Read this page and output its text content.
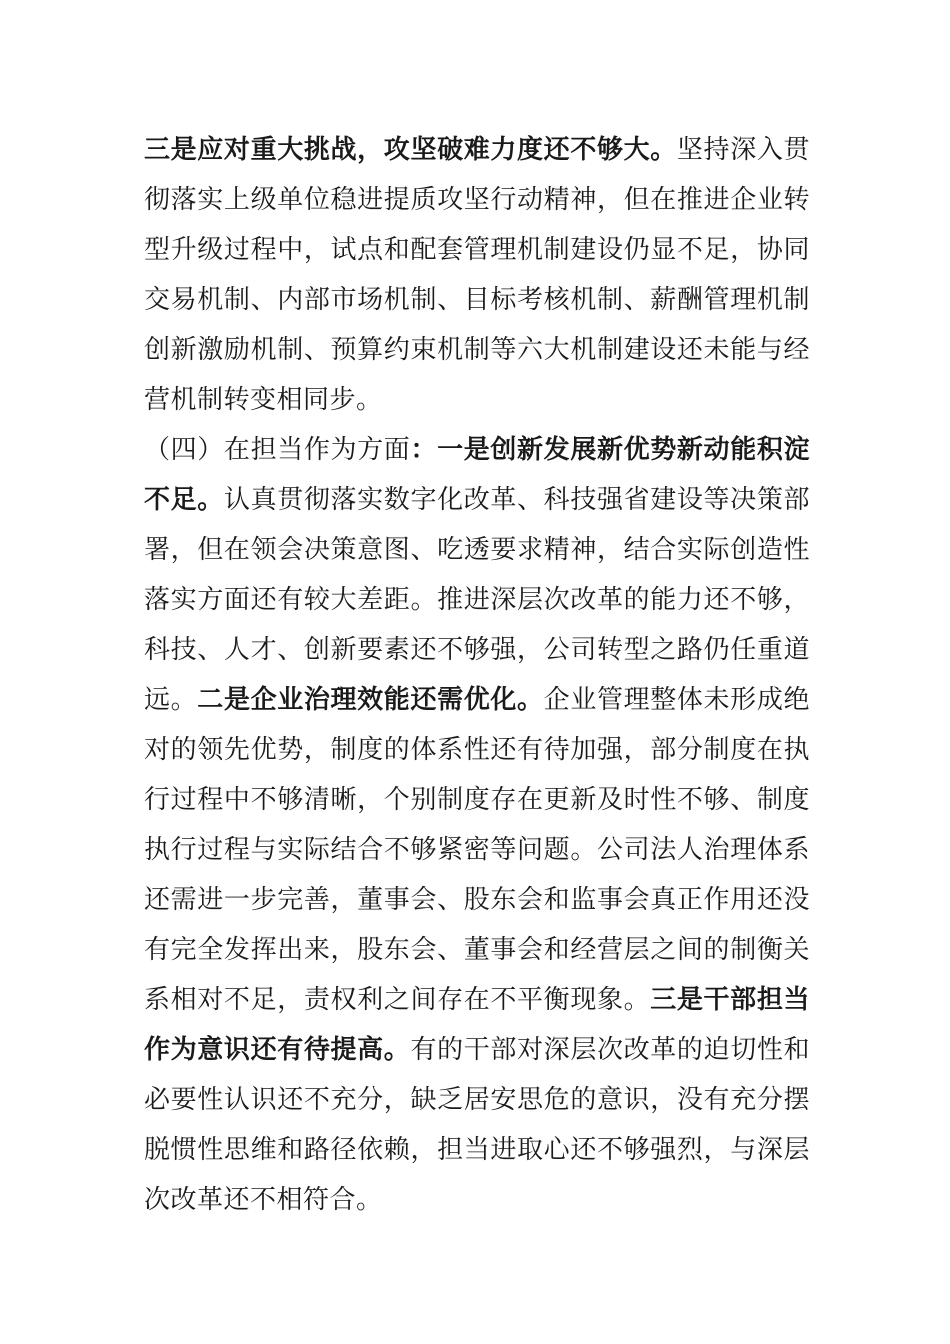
三是应对重大挑战，攻坚破难力度还不够大。坚持深入贯彻落实上级单位稳进提质攻坚行动精神，但在推进企业转型升级过程中，试点和配套管理机制建设仍显不足，协同交易机制、内部市场机制、目标考核机制、薪酬管理机制创新激励机制、预算约束机制等六大机制建设还未能与经营机制转变相同步。
（四）在担当作为方面：一是创新发展新优势新动能积淀不足。认真贯彻落实数字化改革、科技强省建设等决策部署，但在领会决策意图、吃透要求精神，结合实际创造性落实方面还有较大差距。推进深层次改革的能力还不够，科技、人才、创新要素还不够强，公司转型之路仍任重道远。二是企业治理效能还需优化。企业管理整体未形成绝对的领先优势，制度的体系性还有待加强，部分制度在执行过程中不够清晰，个别制度存在更新及时性不够、制度执行过程与实际结合不够紧密等问题。公司法人治理体系还需进一步完善，董事会、股东会和监事会真正作用还没有完全发挥出来，股东会、董事会和经营层之间的制衡关系相对不足，责权利之间存在不平衡现象。三是干部担当作为意识还有待提高。有的干部对深层次改革的迫切性和必要性认识还不充分，缺乏居安思危的意识，没有充分摆脱惯性思维和路径依赖，担当进取心还不够强烈，与深层次改革还不相符合。
